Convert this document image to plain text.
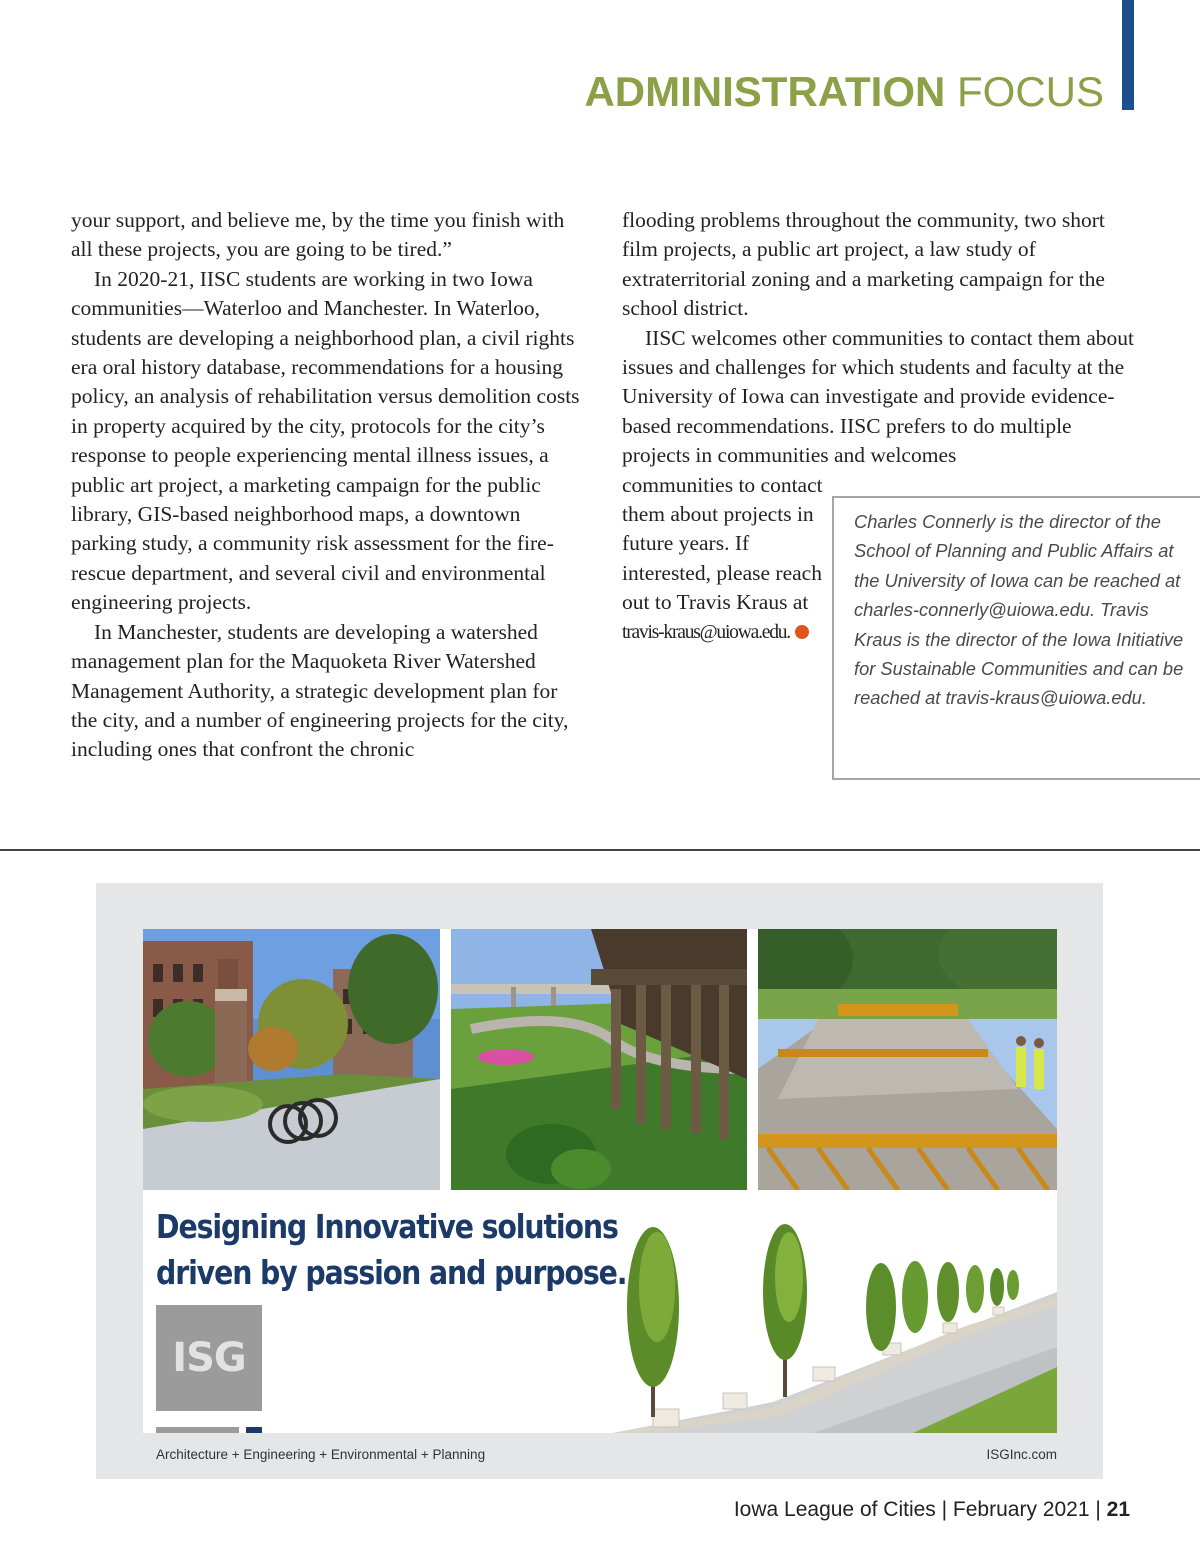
ADMINISTRATION FOCUS

your support, and believe me, by the time you finish with all these projects, you are going to be tired.”

In 2020-21, IISC students are working in two Iowa communities—Waterloo and Manchester. In Waterloo, students are developing a neighborhood plan, a civil rights era oral history database, recommendations for a housing policy, an analysis of rehabilitation versus demolition costs in property acquired by the city, protocols for the city’s response to people experiencing mental illness issues, a public art project, a marketing campaign for the public library, GIS-based neighborhood maps, a downtown parking study, a community risk assessment for the fire-rescue department, and several civil and environmental engineering projects.

In Manchester, students are developing a watershed management plan for the Maquoketa River Watershed Management Authority, a strategic development plan for the city, and a number of engineering projects for the city, including ones that confront the chronic

flooding problems throughout the community, two short film projects, a public art project, a law study of extraterritorial zoning and a marketing campaign for the school district.

IISC welcomes other communities to contact them about issues and challenges for which students and faculty at the University of Iowa can investigate and provide evidence-based recommendations. IISC prefers to do multiple projects in communities and welcomes

communities to contact them about projects in future years. If interested, please reach out to Travis Kraus at

travis-kraus@uiowa.edu.

Charles Connerly is the director of the School of Planning and Public Affairs at the University of Iowa can be reached at charles-connerly@uiowa.edu. Travis Kraus is the director of the Iowa Initiative for Sustainable Communities and can be reached at travis-kraus@uiowa.edu.
Designing Innovative solutions
driven by passion and purpose.
ISG
Architecture + Engineering + Environmental + Planning	ISGInc.com
Iowa League of Cities | February 2021 | 21
